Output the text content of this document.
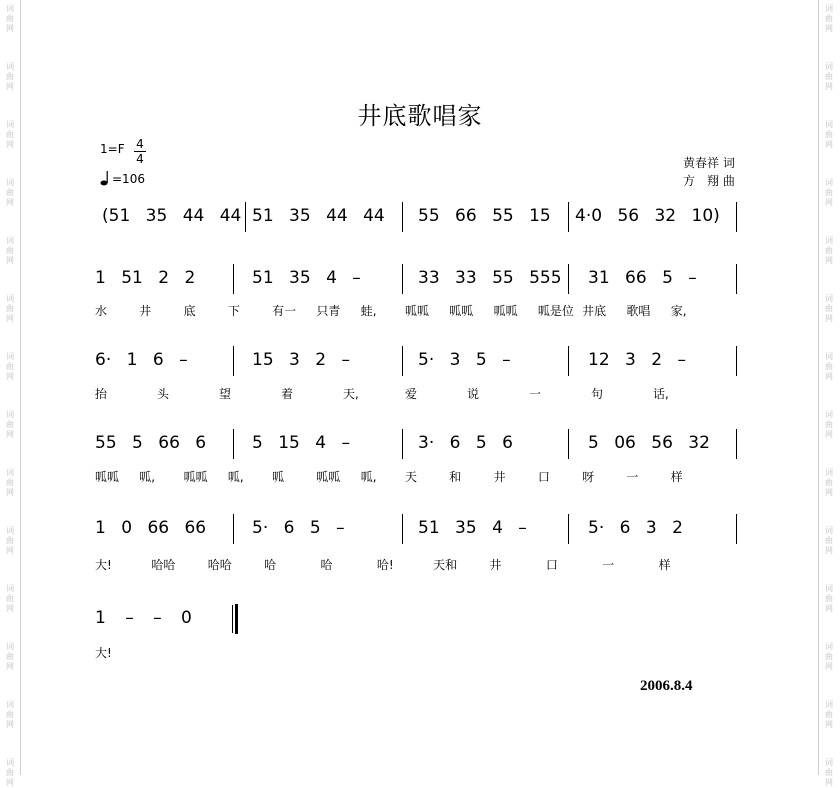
词
曲
网
词
曲
网
词
曲
网
词
曲
网
词
曲
网
词
曲
网
词
曲
网
词
曲
网
词
曲
网
词
曲
网
词
曲
网
词
曲
网
词
曲
网
词
曲
网
词
曲
网
词
曲
网
词
曲
网
词
曲
网
词
曲
网
词
曲
网
词
曲
网
词
曲
网
词
曲
网
词
曲
网
词
曲
网
词
曲
网
词
曲
网
词
曲
网
井底歌唱家
1=F 4
4
=106
黄春祥 词
方　翔 曲
(51 35 44 44 51 35 44 44 55 66 55 15 4·0 56 32 10)
1 51 2 2	51 35 4 –	33 33 55 555 31 66 5 –
水	井	底	下	有一 只青 蛙, 呱呱 呱呱 呱呱 呱是位 井底 歌唱 家,
6· 1 6 –	15 3 2 –	5· 3 5 –	12 3 2 –
抬	头	望	着	天,	爱	说	一	句	话,
55 5 66 6	5 15 4 –	3· 6 5 6	5 06 56 32
呱呱 呱, 呱呱 呱, 呱	呱呱 呱, 天	和	井	口	呀	一	样
1 0 66 66	5· 6 5 –	51 35 4 –	5· 6 3 2
大!	哈哈	哈哈	哈	哈	哈!	天和	井	口	一	样
1 – – 0
大!
2006.8.4
